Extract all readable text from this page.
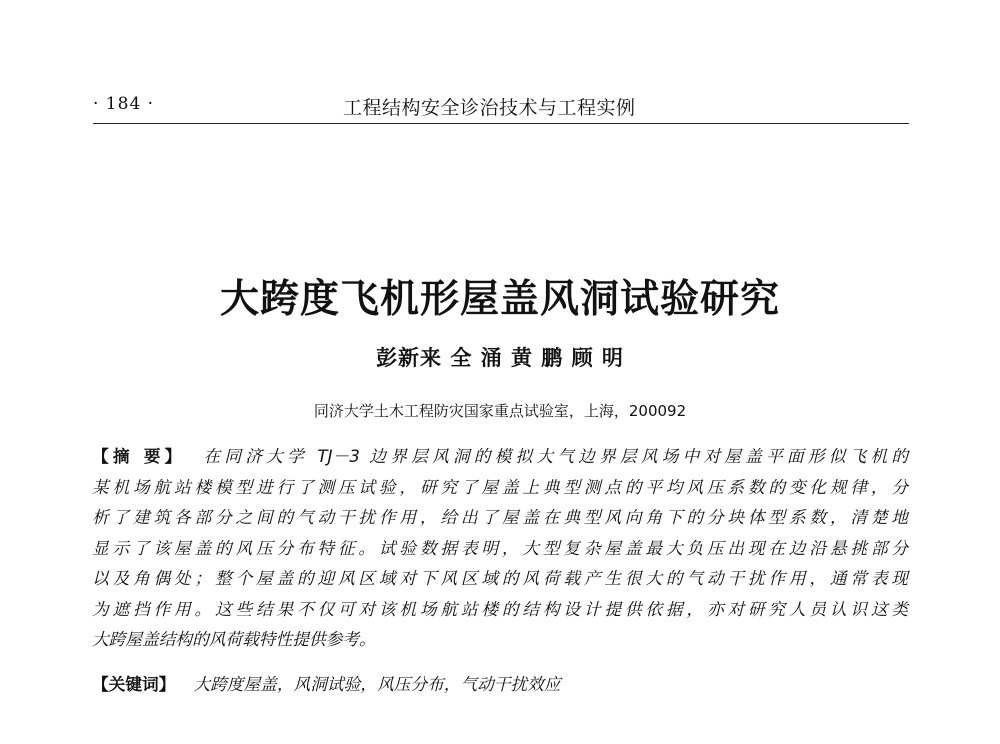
· 184 ·	工程结构安全诊治技术与工程实例
大跨度飞机形屋盖风洞试验研究
彭新来 全 涌 黄 鹏 顾 明
同济大学土木工程防灾国家重点试验室，上海，200092
【摘 要】 在同济大学 TJ－3 边界层风洞的模拟大气边界层风场中对屋盖平面形似飞机的
某机场航站楼模型进行了测压试验，研究了屋盖上典型测点的平均风压系数的变化规律，分
析了建筑各部分之间的气动干扰作用，给出了屋盖在典型风向角下的分块体型系数，清楚地
显示了该屋盖的风压分布特征。试验数据表明，大型复杂屋盖最大负压出现在边沿悬挑部分
以及角偶处；整个屋盖的迎风区域对下风区域的风荷载产生很大的气动干扰作用，通常表现
为遮挡作用。这些结果不仅可对该机场航站楼的结构设计提供依据，亦对研究人员认识这类
大跨屋盖结构的风荷载特性提供参考。
【关键词】 大跨度屋盖，风洞试验，风压分布，气动干扰效应
